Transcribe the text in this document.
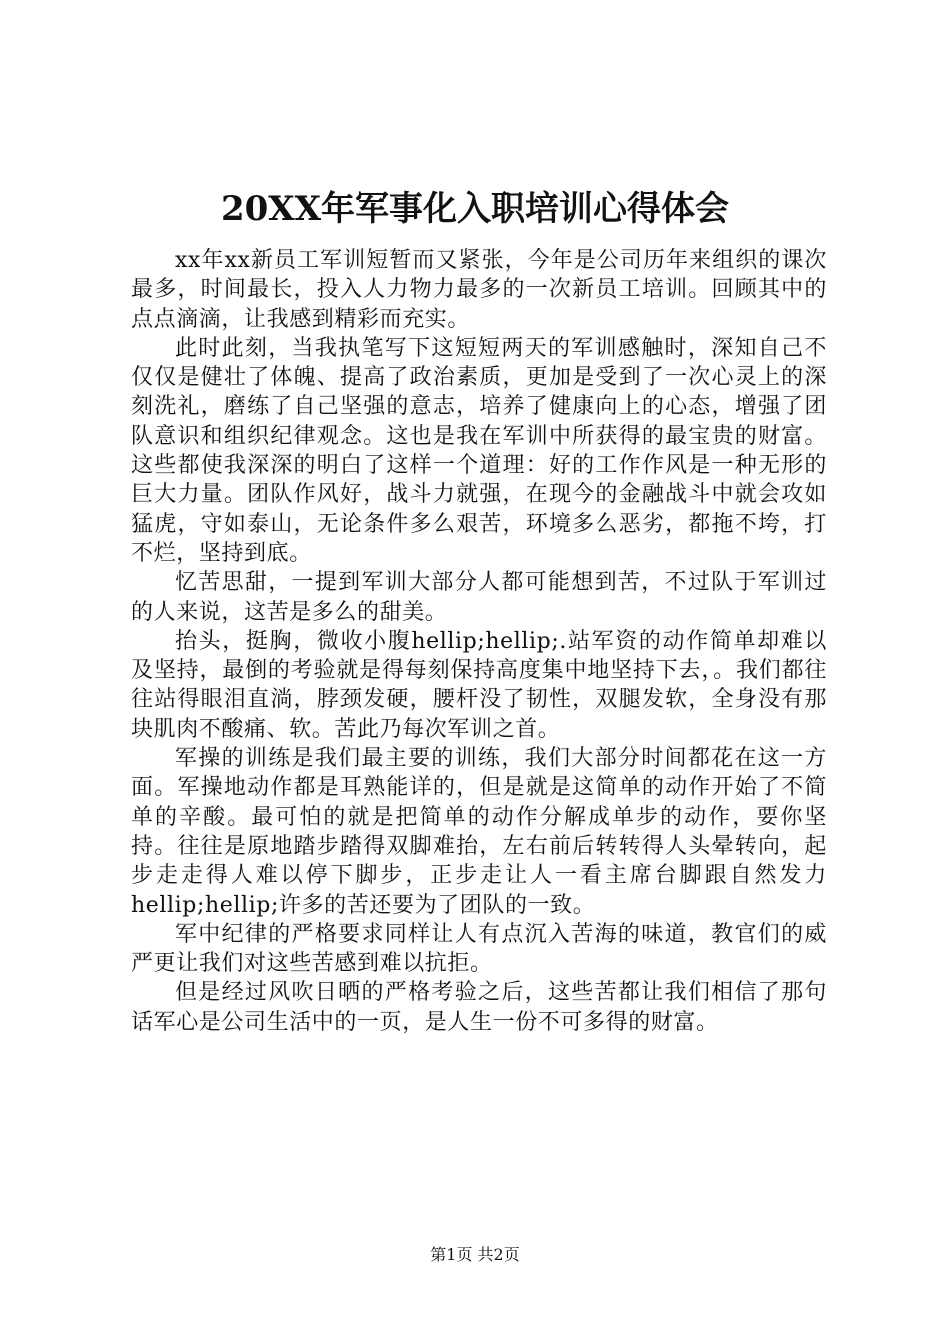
20XX年军事化入职培训心得体会

xx年xx新员工军训短暂而又紧张，今年是公司历年来组织的课次最多，时间最长，投入人力物力最多的一次新员工培训。回顾其中的点点滴滴，让我感到精彩而充实。

此时此刻，当我执笔写下这短短两天的军训感触时，深知自己不仅仅是健壮了体魄、提高了政治素质，更加是受到了一次心灵上的深刻洗礼，磨练了自己坚强的意志，培养了健康向上的心态，增强了团队意识和组织纪律观念。这也是我在军训中所获得的最宝贵的财富。这些都使我深深的明白了这样一个道理：好的工作作风是一种无形的巨大力量。团队作风好，战斗力就强，在现今的金融战斗中就会攻如猛虎，守如泰山，无论条件多么艰苦，环境多么恶劣，都拖不垮，打不烂，坚持到底。

忆苦思甜，一提到军训大部分人都可能想到苦，不过队于军训过的人来说，这苦是多么的甜美。

抬头，挺胸，微收小腹hellip;hellip;.站军资的动作简单却难以及坚持，最倒的考验就是得每刻保持高度集中地坚持下去，。我们都往往站得眼泪直淌，脖颈发硬，腰杆没了韧性，双腿发软，全身没有那块肌肉不酸痛、软。苦此乃每次军训之首。

军操的训练是我们最主要的训练，我们大部分时间都花在这一方面。军操地动作都是耳熟能详的，但是就是这简单的动作开始了不简单的辛酸。最可怕的就是把简单的动作分解成单步的动作，要你坚持。往往是原地踏步踏得双脚难抬，左右前后转转得人头晕转向，起步走走得人难以停下脚步，正步走让人一看主席台脚跟自然发力hellip;hellip;许多的苦还要为了团队的一致。

军中纪律的严格要求同样让人有点沉入苦海的味道，教官们的威严更让我们对这些苦感到难以抗拒。

但是经过风吹日晒的严格考验之后，这些苦都让我们相信了那句话军心是公司生活中的一页，是人生一份不可多得的财富。

第1页 共2页
